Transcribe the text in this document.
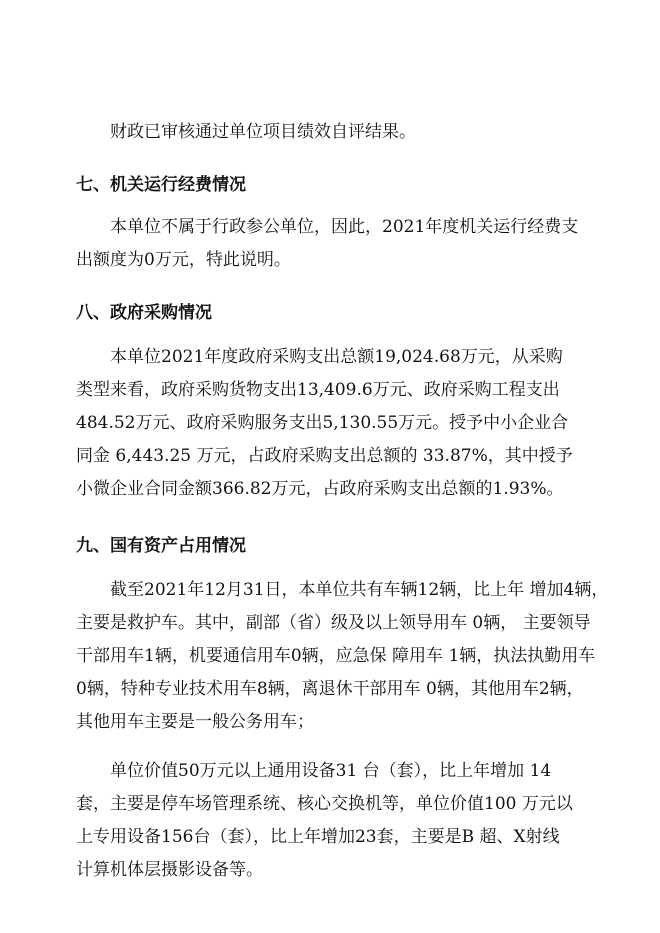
财政已审核通过单位项目绩效自评结果。

七、机关运行经费情况

本单位不属于行政参公单位，因此，2021年度机关运行经费支
出额度为0万元，特此说明。

八、政府采购情况

本单位2021年度政府采购支出总额19,024.68万元，从采购
类型来看，政府采购货物支出13,409.6万元、政府采购工程支出
484.52万元、政府采购服务支出5,130.55万元。授予中小企业合
同金 6,443.25 万元，占政府采购支出总额的 33.87%，其中授予
小微企业合同金额366.82万元，占政府采购支出总额的1.93%。

九、国有资产占用情况

截至2021年12月31日，本单位共有车辆12辆，比上年 增加4辆，
主要是救护车。其中，副部（省）级及以上领导用车 0辆， 主要领导
干部用车1辆，机要通信用车0辆，应急保 障用车 1辆，执法执勤用车
0辆，特种专业技术用车8辆，离退休干部用车 0辆，其他用车2辆，
其他用车主要是一般公务用车；

单位价值50万元以上通用设备31 台（套），比上年增加 14
套，主要是停车场管理系统、核心交换机等，单位价值100 万元以
上专用设备156台（套），比上年增加23套，主要是B 超、X射线
计算机体层摄影设备等。
